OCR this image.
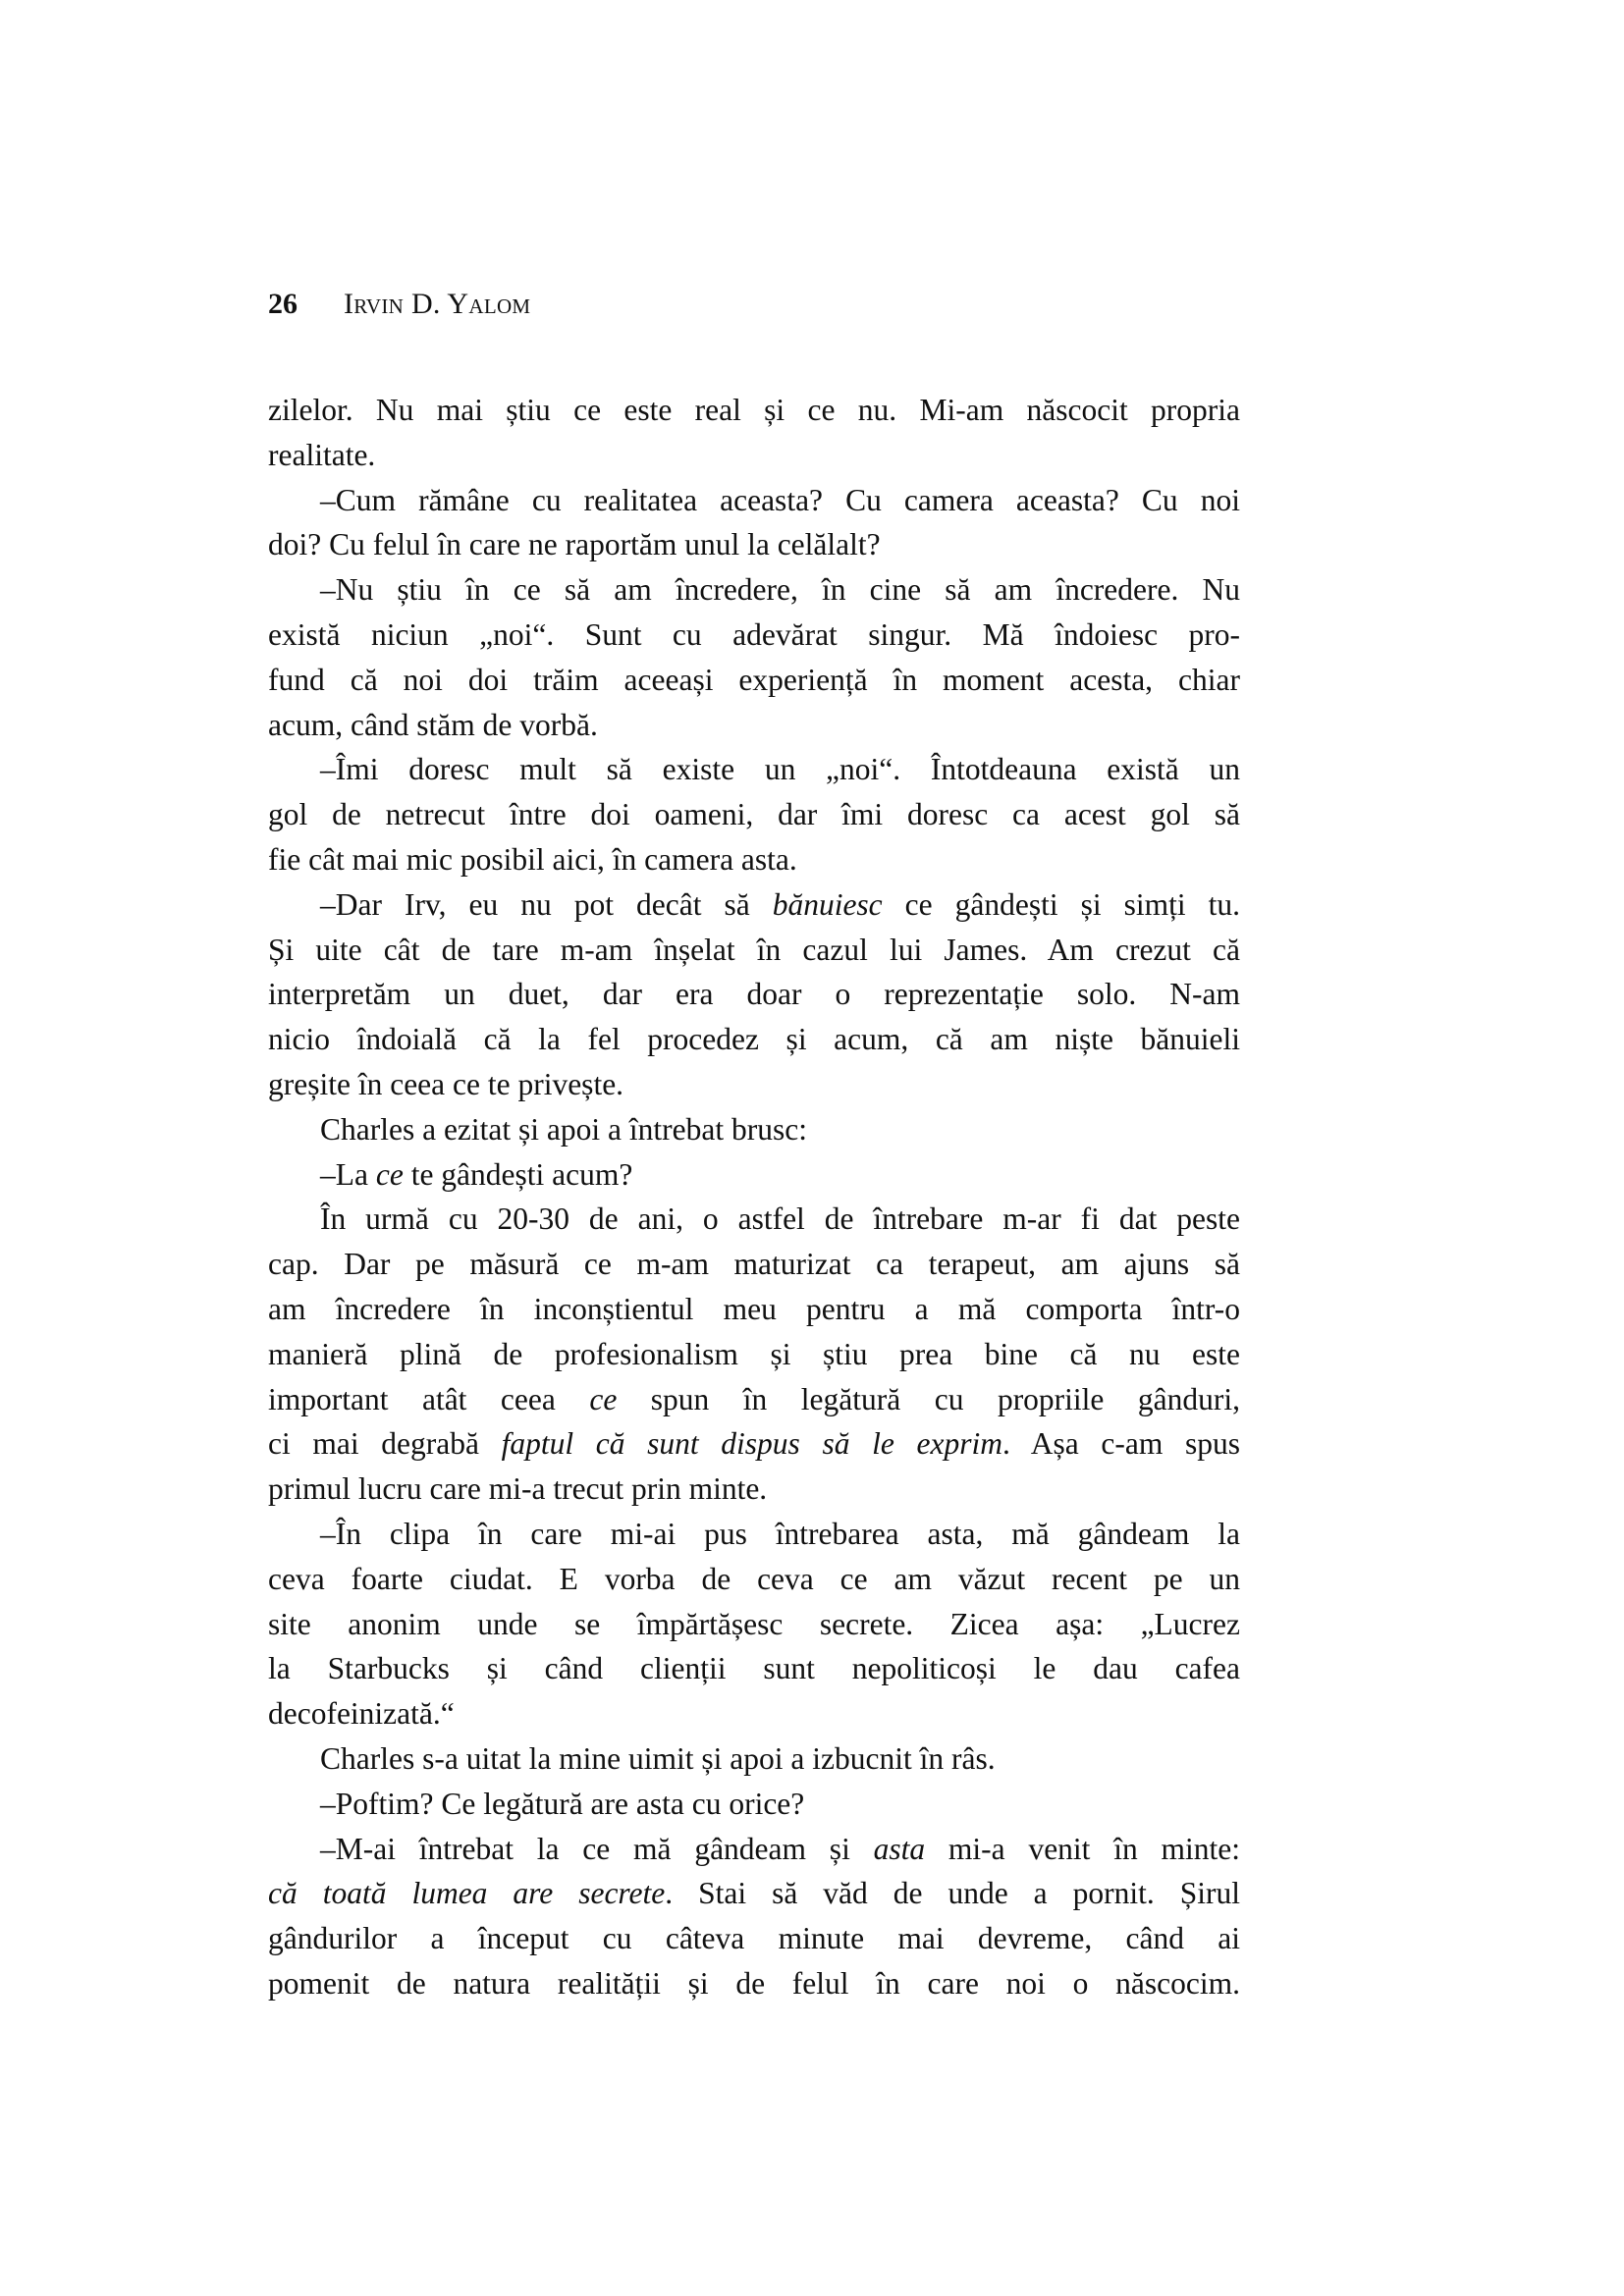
26 Irvin D. Yalom
zilelor. Nu mai știu ce este real și ce nu. Mi-am născocit propria
realitate.
–Cum rămâne cu realitatea aceasta? Cu camera aceasta? Cu noi
doi? Cu felul în care ne raportăm unul la celălalt?
–Nu știu în ce să am încredere, în cine să am încredere. Nu
există niciun „noi“. Sunt cu adevărat singur. Mă îndoiesc pro-
fund că noi doi trăim aceeași experiență în moment acesta, chiar
acum, când stăm de vorbă.
–Îmi doresc mult să existe un „noi“. Întotdeauna există un
gol de netrecut între doi oameni, dar îmi doresc ca acest gol să
fie cât mai mic posibil aici, în camera asta.
–Dar Irv, eu nu pot decât să bănuiesc ce gândești și simți tu.
Și uite cât de tare m-am înșelat în cazul lui James. Am crezut că
interpretăm un duet, dar era doar o reprezentație solo. N-am
nicio îndoială că la fel procedez și acum, că am niște bănuieli
greșite în ceea ce te privește.
Charles a ezitat și apoi a întrebat brusc:
–La ce te gândești acum?
În urmă cu 20-30 de ani, o astfel de întrebare m-ar fi dat peste
cap. Dar pe măsură ce m-am maturizat ca terapeut, am ajuns să
am încredere în inconștientul meu pentru a mă comporta într-o
manieră plină de profesionalism și știu prea bine că nu este
important atât ceea ce spun în legătură cu propriile gânduri,
ci mai degrabă faptul că sunt dispus să le exprim. Așa c-am spus
primul lucru care mi-a trecut prin minte.
–În clipa în care mi-ai pus întrebarea asta, mă gândeam la
ceva foarte ciudat. E vorba de ceva ce am văzut recent pe un
site anonim unde se împărtășesc secrete. Zicea așa: „Lucrez
la Starbucks și când clienții sunt nepoliticoși le dau cafea
decofeinizată.“
Charles s-a uitat la mine uimit și apoi a izbucnit în râs.
–Poftim? Ce legătură are asta cu orice?
–M-ai întrebat la ce mă gândeam și asta mi-a venit în minte:
că toată lumea are secrete. Stai să văd de unde a pornit. Șirul
gândurilor a început cu câteva minute mai devreme, când ai
pomenit de natura realității și de felul în care noi o născocim.
